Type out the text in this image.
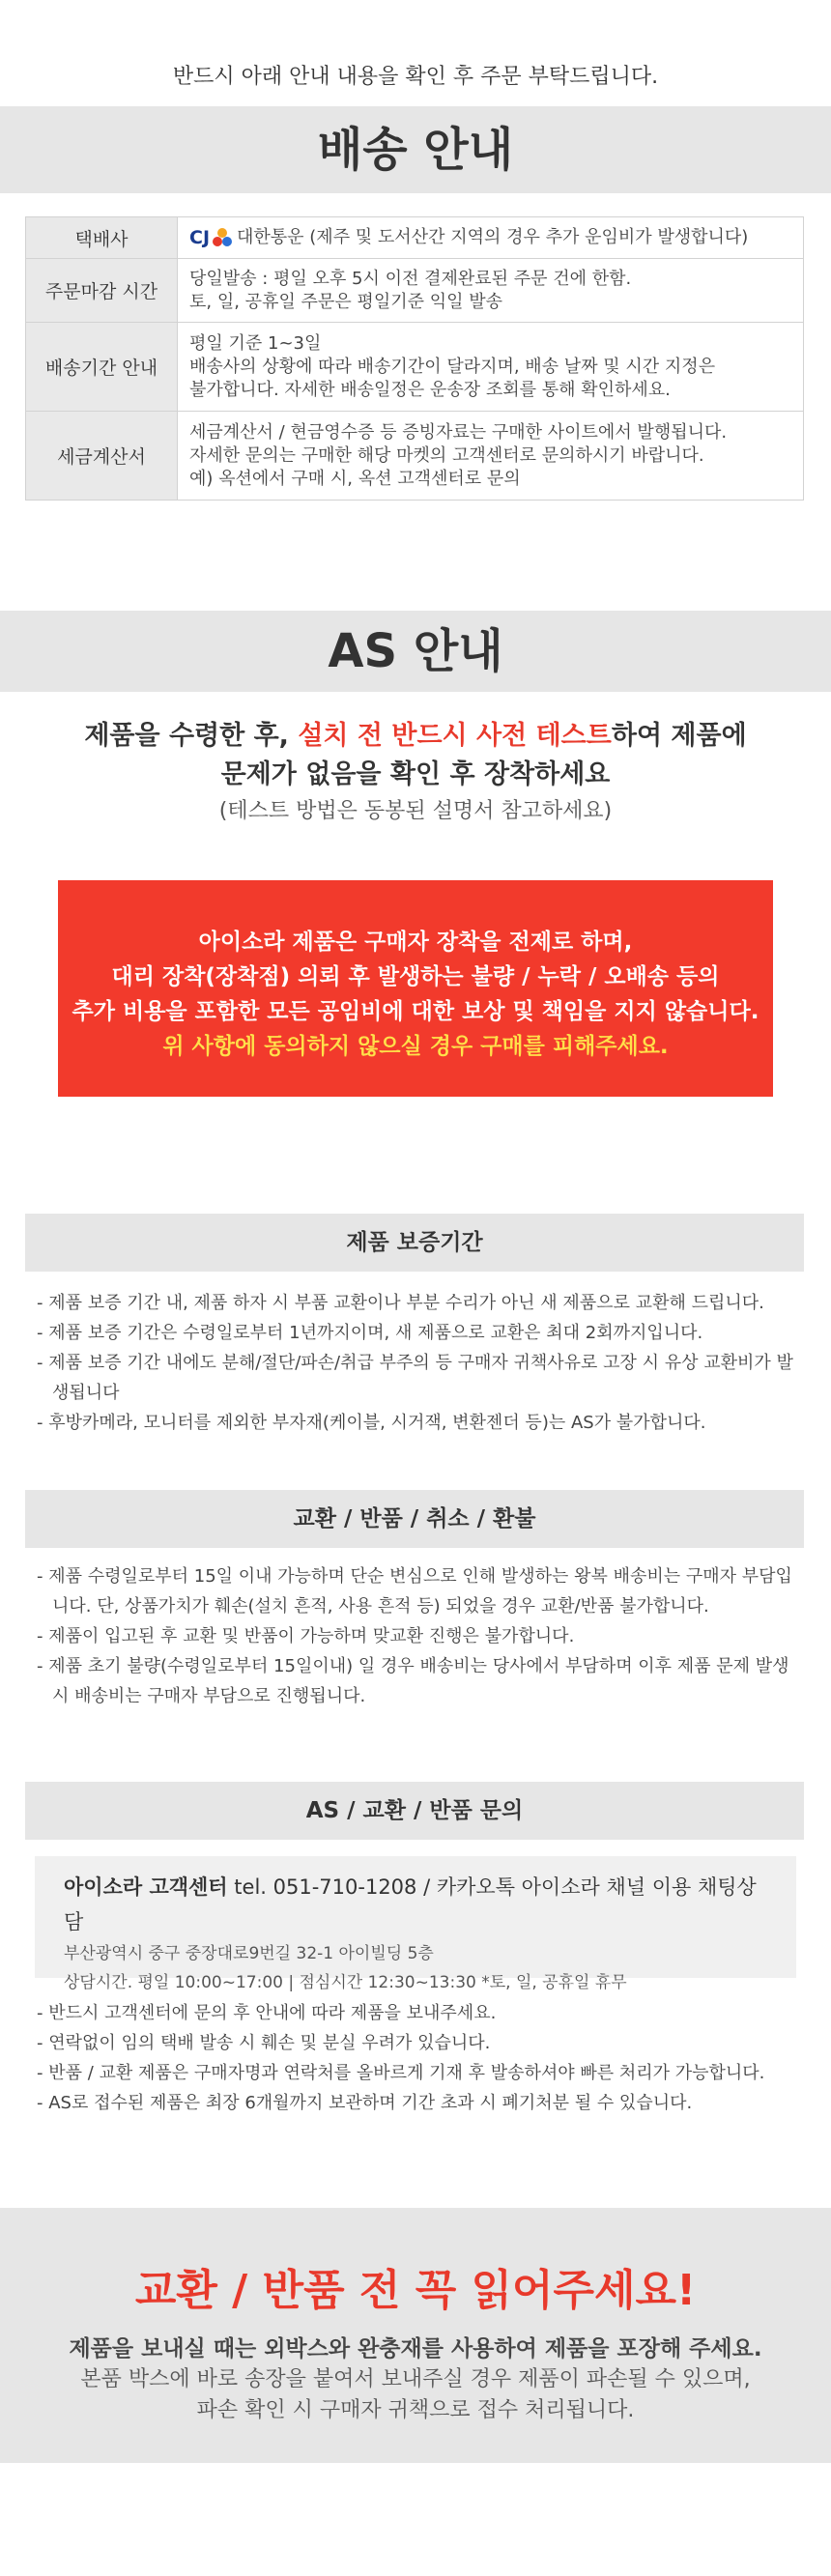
반드시 아래 안내 내용을 확인 후 주문 부탁드립니다.
배송 안내
택배사	CJ 대한통운 (제주 및 도서산간 지역의 경우 추가 운임비가 발생합니다)

주문마감 시간	당일발송 : 평일 오후 5시 이전 결제완료된 주문 건에 한함.
토, 일, 공휴일 주문은 평일기준 익일 발송

배송기간 안내	평일 기준 1~3일
배송사의 상황에 따라 배송기간이 달라지며, 배송 날짜 및 시간 지정은
불가합니다. 자세한 배송일정은 운송장 조회를 통해 확인하세요.

세금계산서	세금계산서 / 현금영수증 등 증빙자료는 구매한 사이트에서 발행됩니다.
자세한 문의는 구매한 해당 마켓의 고객센터로 문의하시기 바랍니다.
예) 옥션에서 구매 시, 옥션 고객센터로 문의
AS 안내
제품을 수령한 후, 설치 전 반드시 사전 테스트하여 제품에
문제가 없음을 확인 후 장착하세요
(테스트 방법은 동봉된 설명서 참고하세요)
아이소라 제품은 구매자 장착을 전제로 하며,
대리 장착(장착점) 의뢰 후 발생하는 불량 / 누락 / 오배송 등의
추가 비용을 포함한 모든 공임비에 대한 보상 및 책임을 지지 않습니다.
위 사항에 동의하지 않으실 경우 구매를 피해주세요.
제품 보증기간
- 제품 보증 기간 내, 제품 하자 시 부품 교환이나 부분 수리가 아닌 새 제품으로 교환해 드립니다.
- 제품 보증 기간은 수령일로부터 1년까지이며, 새 제품으로 교환은 최대 2회까지입니다.
- 제품 보증 기간 내에도 분해/절단/파손/취급 부주의 등 구매자 귀책사유로 고장 시 유상 교환비가 발생됩니다
- 후방카메라, 모니터를 제외한 부자재(케이블, 시거잭, 변환젠더 등)는 AS가 불가합니다.
교환 / 반품 / 취소 / 환불
- 제품 수령일로부터 15일 이내 가능하며 단순 변심으로 인해 발생하는 왕복 배송비는 구매자 부담입니다. 단, 상품가치가 훼손(설치 흔적, 사용 흔적 등) 되었을 경우 교환/반품 불가합니다.
- 제품이 입고된 후 교환 및 반품이 가능하며 맞교환 진행은 불가합니다.
- 제품 초기 불량(수령일로부터 15일이내) 일 경우 배송비는 당사에서 부담하며 이후 제품 문제 발생 시 배송비는 구매자 부담으로 진행됩니다.
AS / 교환 / 반품 문의
아이소라 고객센터 tel. 051-710-1208 / 카카오톡 아이소라 채널 이용 채팅상담
부산광역시 중구 중장대로9번길 32-1 아이빌딩 5층
상담시간. 평일 10:00~17:00 | 점심시간 12:30~13:30 *토, 일, 공휴일 휴무
- 반드시 고객센터에 문의 후 안내에 따라 제품을 보내주세요.
- 연락없이 임의 택배 발송 시 훼손 및 분실 우려가 있습니다.
- 반품 / 교환 제품은 구매자명과 연락처를 올바르게 기재 후 발송하셔야 빠른 처리가 가능합니다.
- AS로 접수된 제품은 최장 6개월까지 보관하며 기간 초과 시 폐기처분 될 수 있습니다.
교환 / 반품 전 꼭 읽어주세요!
제품을 보내실 때는 외박스와 완충재를 사용하여 제품을 포장해 주세요.
본품 박스에 바로 송장을 붙여서 보내주실 경우 제품이 파손될 수 있으며,
파손 확인 시 구매자 귀책으로 접수 처리됩니다.
